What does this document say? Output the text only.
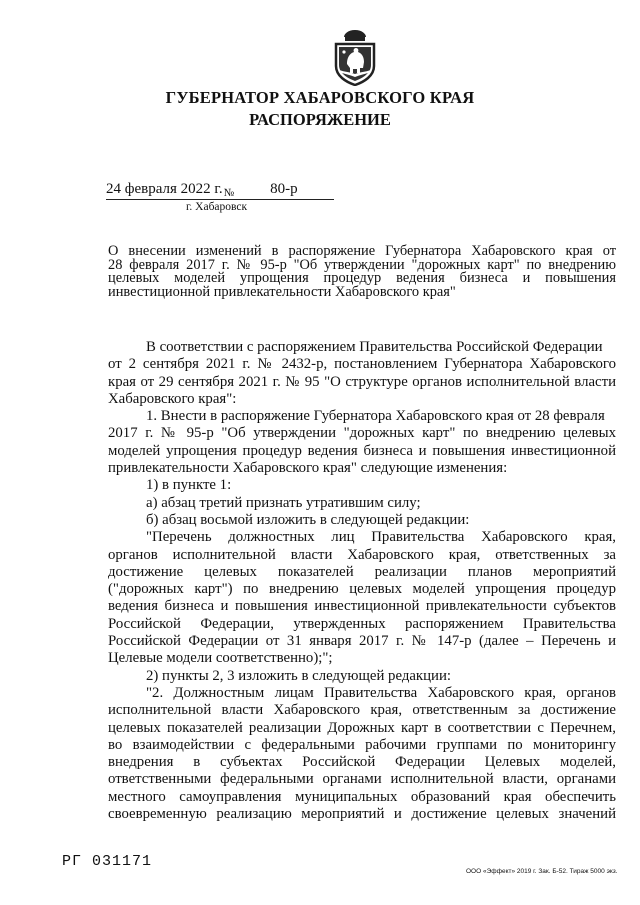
ГУБЕРНАТОР ХАБАРОВСКОГО КРАЯ
РАСПОРЯЖЕНИЕ
24 февраля 2022 $г._№$ 80-р
г. Хабаровск
О внесении изменений в распоряжение Губернатора Хабаровского края от
28 февраля 2017 г. № 95-р "Об утверждении "дорожных карт" по внедрению
целевых моделей упрощения процедур ведения бизнеса и повышения
инвестиционной привлекательности Хабаровского края"
В соответствии с распоряжением Правительства Российской Федерации
от 2 сентября 2021 г. № 2432-р, постановлением Губернатора Хабаровского
края от 29 сентября 2021 г. № 95 "О структуре органов исполнительной власти
Хабаровского края":
1. Внести в распоряжение Губернатора Хабаровского края от 28 февраля
2017 г. № 95-р "Об утверждении "дорожных карт" по внедрению целевых
моделей упрощения процедур ведения бизнеса и повышения инвестиционной
привлекательности Хабаровского края" следующие изменения:
1) в пункте 1:
а) абзац третий признать утратившим силу;
б) абзац восьмой изложить в следующей редакции:
"Перечень должностных лиц Правительства Хабаровского края,
органов исполнительной власти Хабаровского края, ответственных за
достижение целевых показателей реализации планов мероприятий
("дорожных карт") по внедрению целевых моделей упрощения процедур
ведения бизнеса и повышения инвестиционной привлекательности субъектов
Российской Федерации, утвержденных распоряжением Правительства
Российской Федерации от 31 января 2017 г. № 147-р (далее – Перечень и
Целевые модели соответственно);";
2) пункты 2, 3 изложить в следующей редакции:
"2. Должностным лицам Правительства Хабаровского края, органов
исполнительной власти Хабаровского края, ответственным за достижение
целевых показателей реализации Дорожных карт в соответствии с Перечнем,
во взаимодействии с федеральными рабочими группами по мониторингу
внедрения в субъектах Российской Федерации Целевых моделей,
ответственными федеральными органами исполнительной власти, органами
местного самоуправления муниципальных образований края обеспечить
своевременную реализацию мероприятий и достижение целевых значений
РГ 031171
ООО «Эффект» 2019 г. Зак. Б-52. Тираж 5000 экз.
